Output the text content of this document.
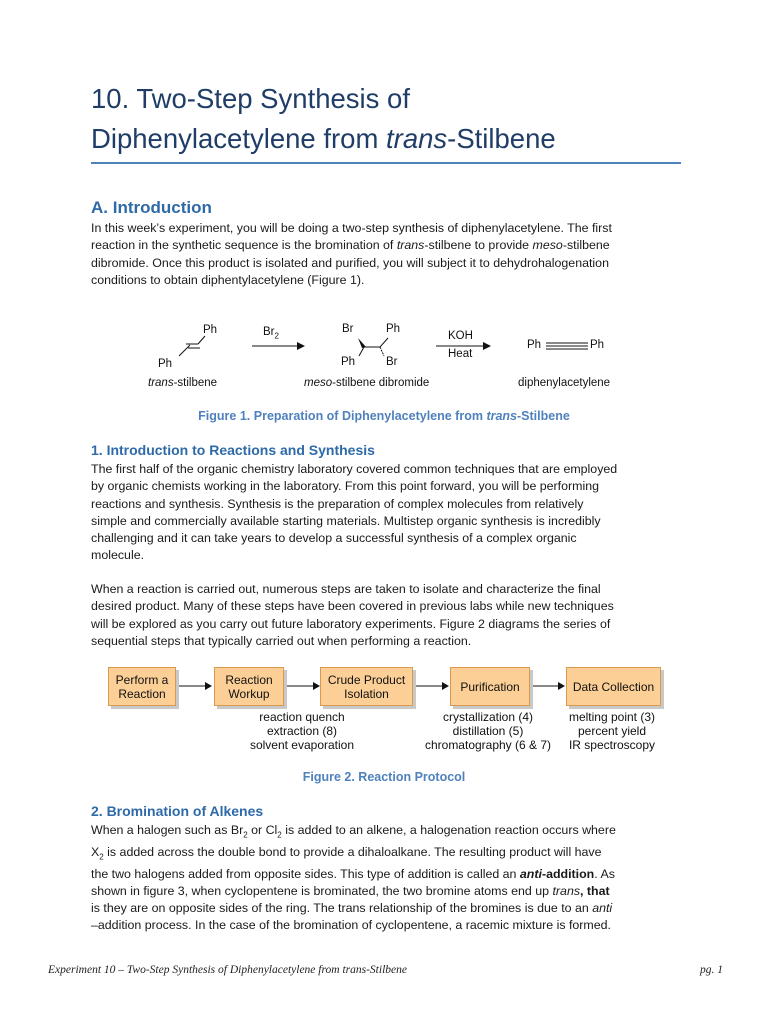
10. Two-Step Synthesis of
Diphenylacetylene from trans-Stilbene
A. Introduction
In this week’s experiment, you will be doing a two-step synthesis of diphenylacetylene. The first
reaction in the synthetic sequence is the bromination of trans-stilbene to provide meso-stilbene
dibromide. Once this product is isolated and purified, you will subject it to dehydrohalogenation
conditions to obtain diphentylacetylene (Figure 1).
Ph
Ph
$Br_2$
Br	Ph
Ph	Br
KOH
Heat
Ph	Ph
trans-stilbene	meso-stilbene dibromide	diphenylacetylene
Figure 1. Preparation of Diphenylacetylene from trans-Stilbene
1. Introduction to Reactions and Synthesis
The first half of the organic chemistry laboratory covered common techniques that are employed
by organic chemists working in the laboratory. From this point forward, you will be performing
reactions and synthesis. Synthesis is the preparation of complex molecules from relatively
simple and commercially available starting materials. Multistep organic synthesis is incredibly
challenging and it can take years to develop a successful synthesis of a complex organic
molecule.
When a reaction is carried out, numerous steps are taken to isolate and characterize the final
desired product. Many of these steps have been covered in previous labs while new techniques
will be explored as you carry out future laboratory experiments. Figure 2 diagrams the series of
sequential steps that typically carried out when performing a reaction.
Perform a
Reaction
Reaction
Workup
Crude Product
Isolation	Purification	Data Collection
reaction quench
extraction (8)
solvent evaporation
crystallization (4)
distillation (5)
chromatography (6 & 7)
melting point (3)
percent yield
IR spectroscopy
Figure 2. Reaction Protocol
2. Bromination of Alkenes
When a halogen such as $Br_2$ or $Cl_2$ is added to an alkene, a halogenation reaction occurs where
$X_2$ is added across the double bond to provide a dihaloalkane. The resulting product will have
the two halogens added from opposite sides. This type of addition is called an anti-addition. As
shown in figure 3, when cyclopentene is brominated, the two bromine atoms end up trans, that
is they are on opposite sides of the ring. The trans relationship of the bromines is due to an anti
–addition process. In the case of the bromination of cyclopentene, a racemic mixture is formed.
Experiment 10 – Two-Step Synthesis of Diphenylacetylene from trans-Stilbene	pg. 1
